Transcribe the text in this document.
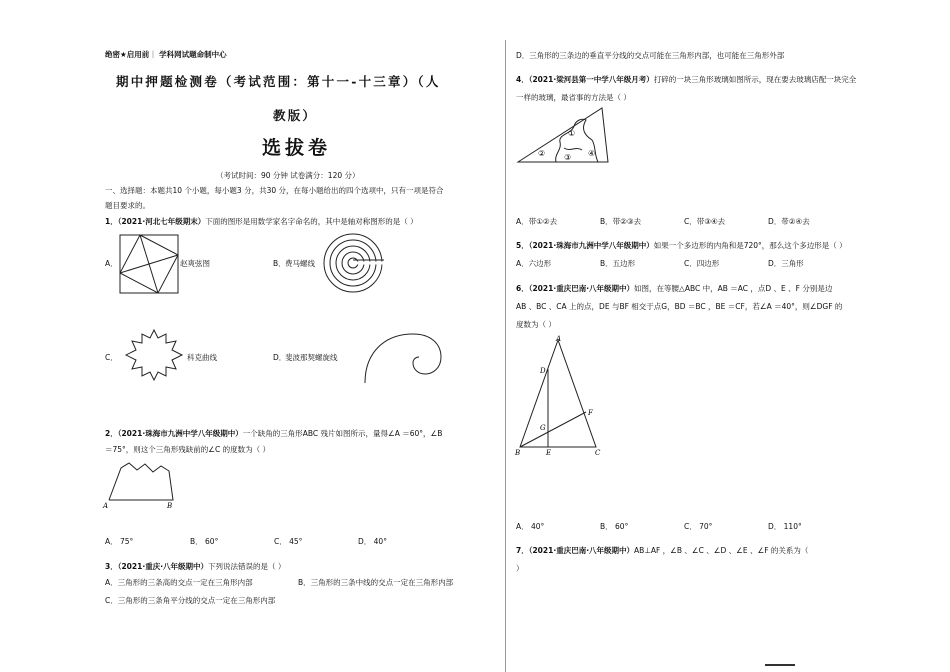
绝密★启用前｜ 学科网试题命制中心
期中押题检测卷（考试范围：第十一-十三章）（人
教版）
选拔卷
（考试时间：90 分钟 试卷满分：120 分）
一、选择题：本题共10 个小题，每小题3 分，共30 分，在每小题给出的四个选项中，只有一项是符合
题目要求的。
1．（2021·河北七年级期末）下面的图形是用数学家名字命名的，其中是轴对称图形的是（ ）
A．	赵爽弦图	B． 费马螺线
C．	科克曲线	D．
斐波那契螺旋线
2．（2021·珠海市九洲中学八年级期中）一个缺角的三角形ABC 残片如图所示，量得∠A ＝60°，∠B
＝75°，则这个三角形残缺前的∠C 的度数为（ ）
A	B
A． 75°	B． 60°	C． 45°	D． 40°
3．（2021·重庆·八年级期中）下列说法错误的是（ ）
A．三角形的三条高的交点一定在三角形内部	B．三角形的三条中线的交点一定在三角形内部
C．三角形的三条角平分线的交点一定在三角形内部
D．三角形的三条边的垂直平分线的交点可能在三角形内部，也可能在三角形外部
4．（2021·梁河县第一中学八年级月考）打碎的一块三角形玻璃如图所示，现在要去玻璃店配一块完全
一样的玻璃，最省事的方法是（ ）
①
② ③ ④
A．带①②去	B．带②③去	C．带③④去	D．带②④去
5．（2021·珠海市九洲中学八年级期中）如果一个多边形的内角和是720°，那么这个多边形是（ ）
A．六边形	B．五边形	C．四边形	D．三角形
6．（2021·重庆巴南·八年级期中）如图，在等腰△ABC 中，AB ＝AC ，点D 、E 、F 分别是边
AB 、BC 、CA 上的点，DE 与BF 相交于点G，BD ＝BC ，BE ＝CF，若∠A ＝40°，则∠DGF 的
度数为（ ）
A
D
F
G
B	E	C
A． 40°	B． 60°	C． 70°	D． 110°
7．（2021·重庆巴南·八年级期中）AB⊥AF ，∠B 、∠C 、∠D 、∠E 、∠F 的关系为（
）
